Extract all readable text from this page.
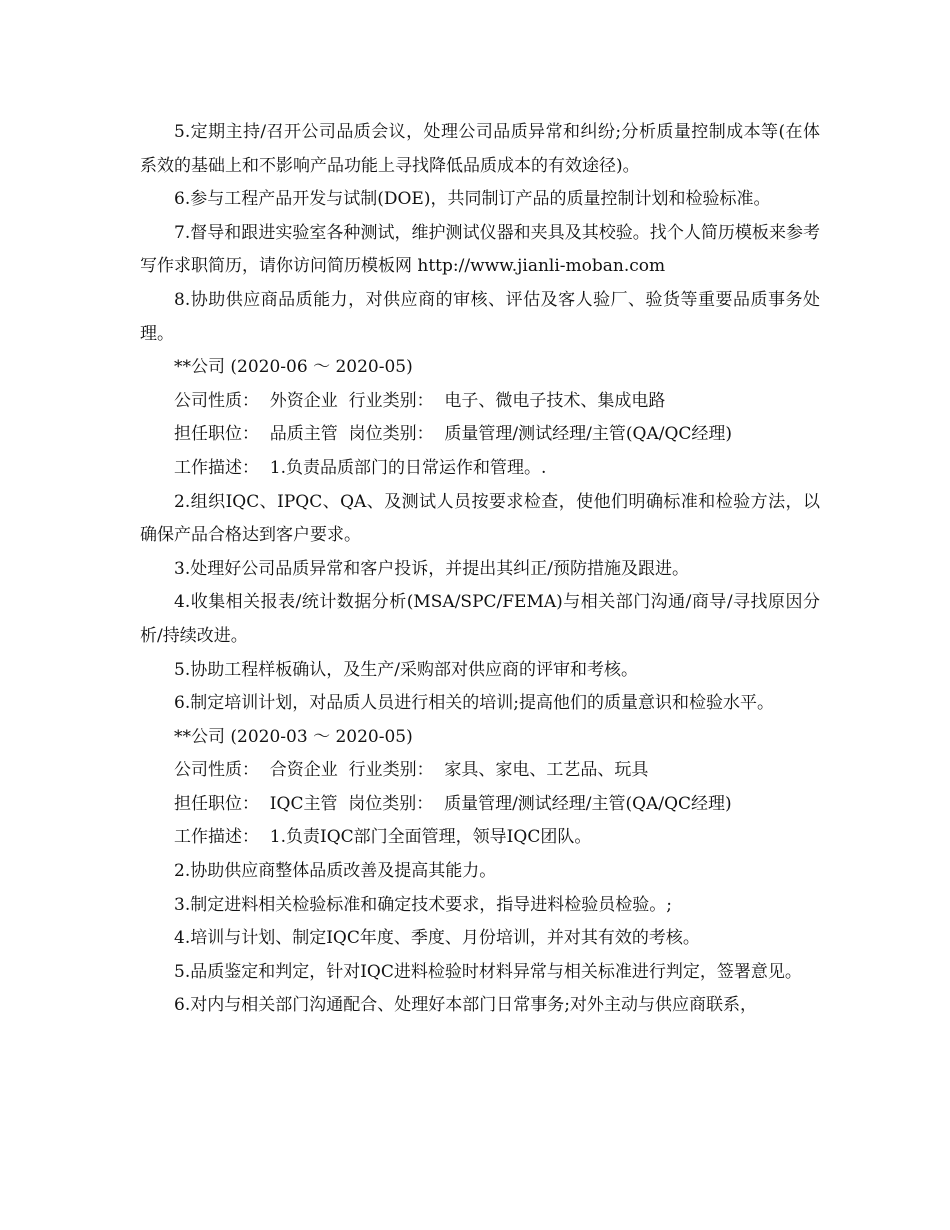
5.定期主持/召开公司品质会议，处理公司品质异常和纠纷;分析质量控制成本等(在体系效的基础上和不影响产品功能上寻找降低品质成本的有效途径)。

6.参与工程产品开发与试制(DOE)，共同制订产品的质量控制计划和检验标准。

7.督导和跟进实验室各种测试，维护测试仪器和夹具及其校验。找个人简历模板来参考写作求职简历，请你访问简历模板网 http://www.jianli-moban.com

8.协助供应商品质能力，对供应商的审核、评估及客人验厂、验货等重要品质事务处理。

**公司 (2020-06 ～ 2020-05)

公司性质：  外资企业  行业类别：  电子、微电子技术、集成电路

担任职位：  品质主管  岗位类别：  质量管理/测试经理/主管(QA/QC经理)

工作描述：  1.负责品质部门的日常运作和管理。.

2.组织IQC、IPQC、QA、及测试人员按要求检查，使他们明确标准和检验方法，以确保产品合格达到客户要求。

3.处理好公司品质异常和客户投诉，并提出其纠正/预防措施及跟进。

4.收集相关报表/统计数据分析(MSA/SPC/FEMA)与相关部门沟通/商导/寻找原因分析/持续改进。

5.协助工程样板确认，及生产/采购部对供应商的评审和考核。

6.制定培训计划，对品质人员进行相关的培训;提高他们的质量意识和检验水平。

**公司 (2020-03 ～ 2020-05)

公司性质：  合资企业  行业类别：  家具、家电、工艺品、玩具

担任职位：  IQC主管  岗位类别：  质量管理/测试经理/主管(QA/QC经理)

工作描述：  1.负责IQC部门全面管理，领导IQC团队。

2.协助供应商整体品质改善及提高其能力。

3.制定进料相关检验标准和确定技术要求，指导进料检验员检验。;

4.培训与计划、制定IQC年度、季度、月份培训，并对其有效的考核。

5.品质鉴定和判定，针对IQC进料检验时材料异常与相关标准进行判定，签署意见。

6.对内与相关部门沟通配合、处理好本部门日常事务;对外主动与供应商联系，
